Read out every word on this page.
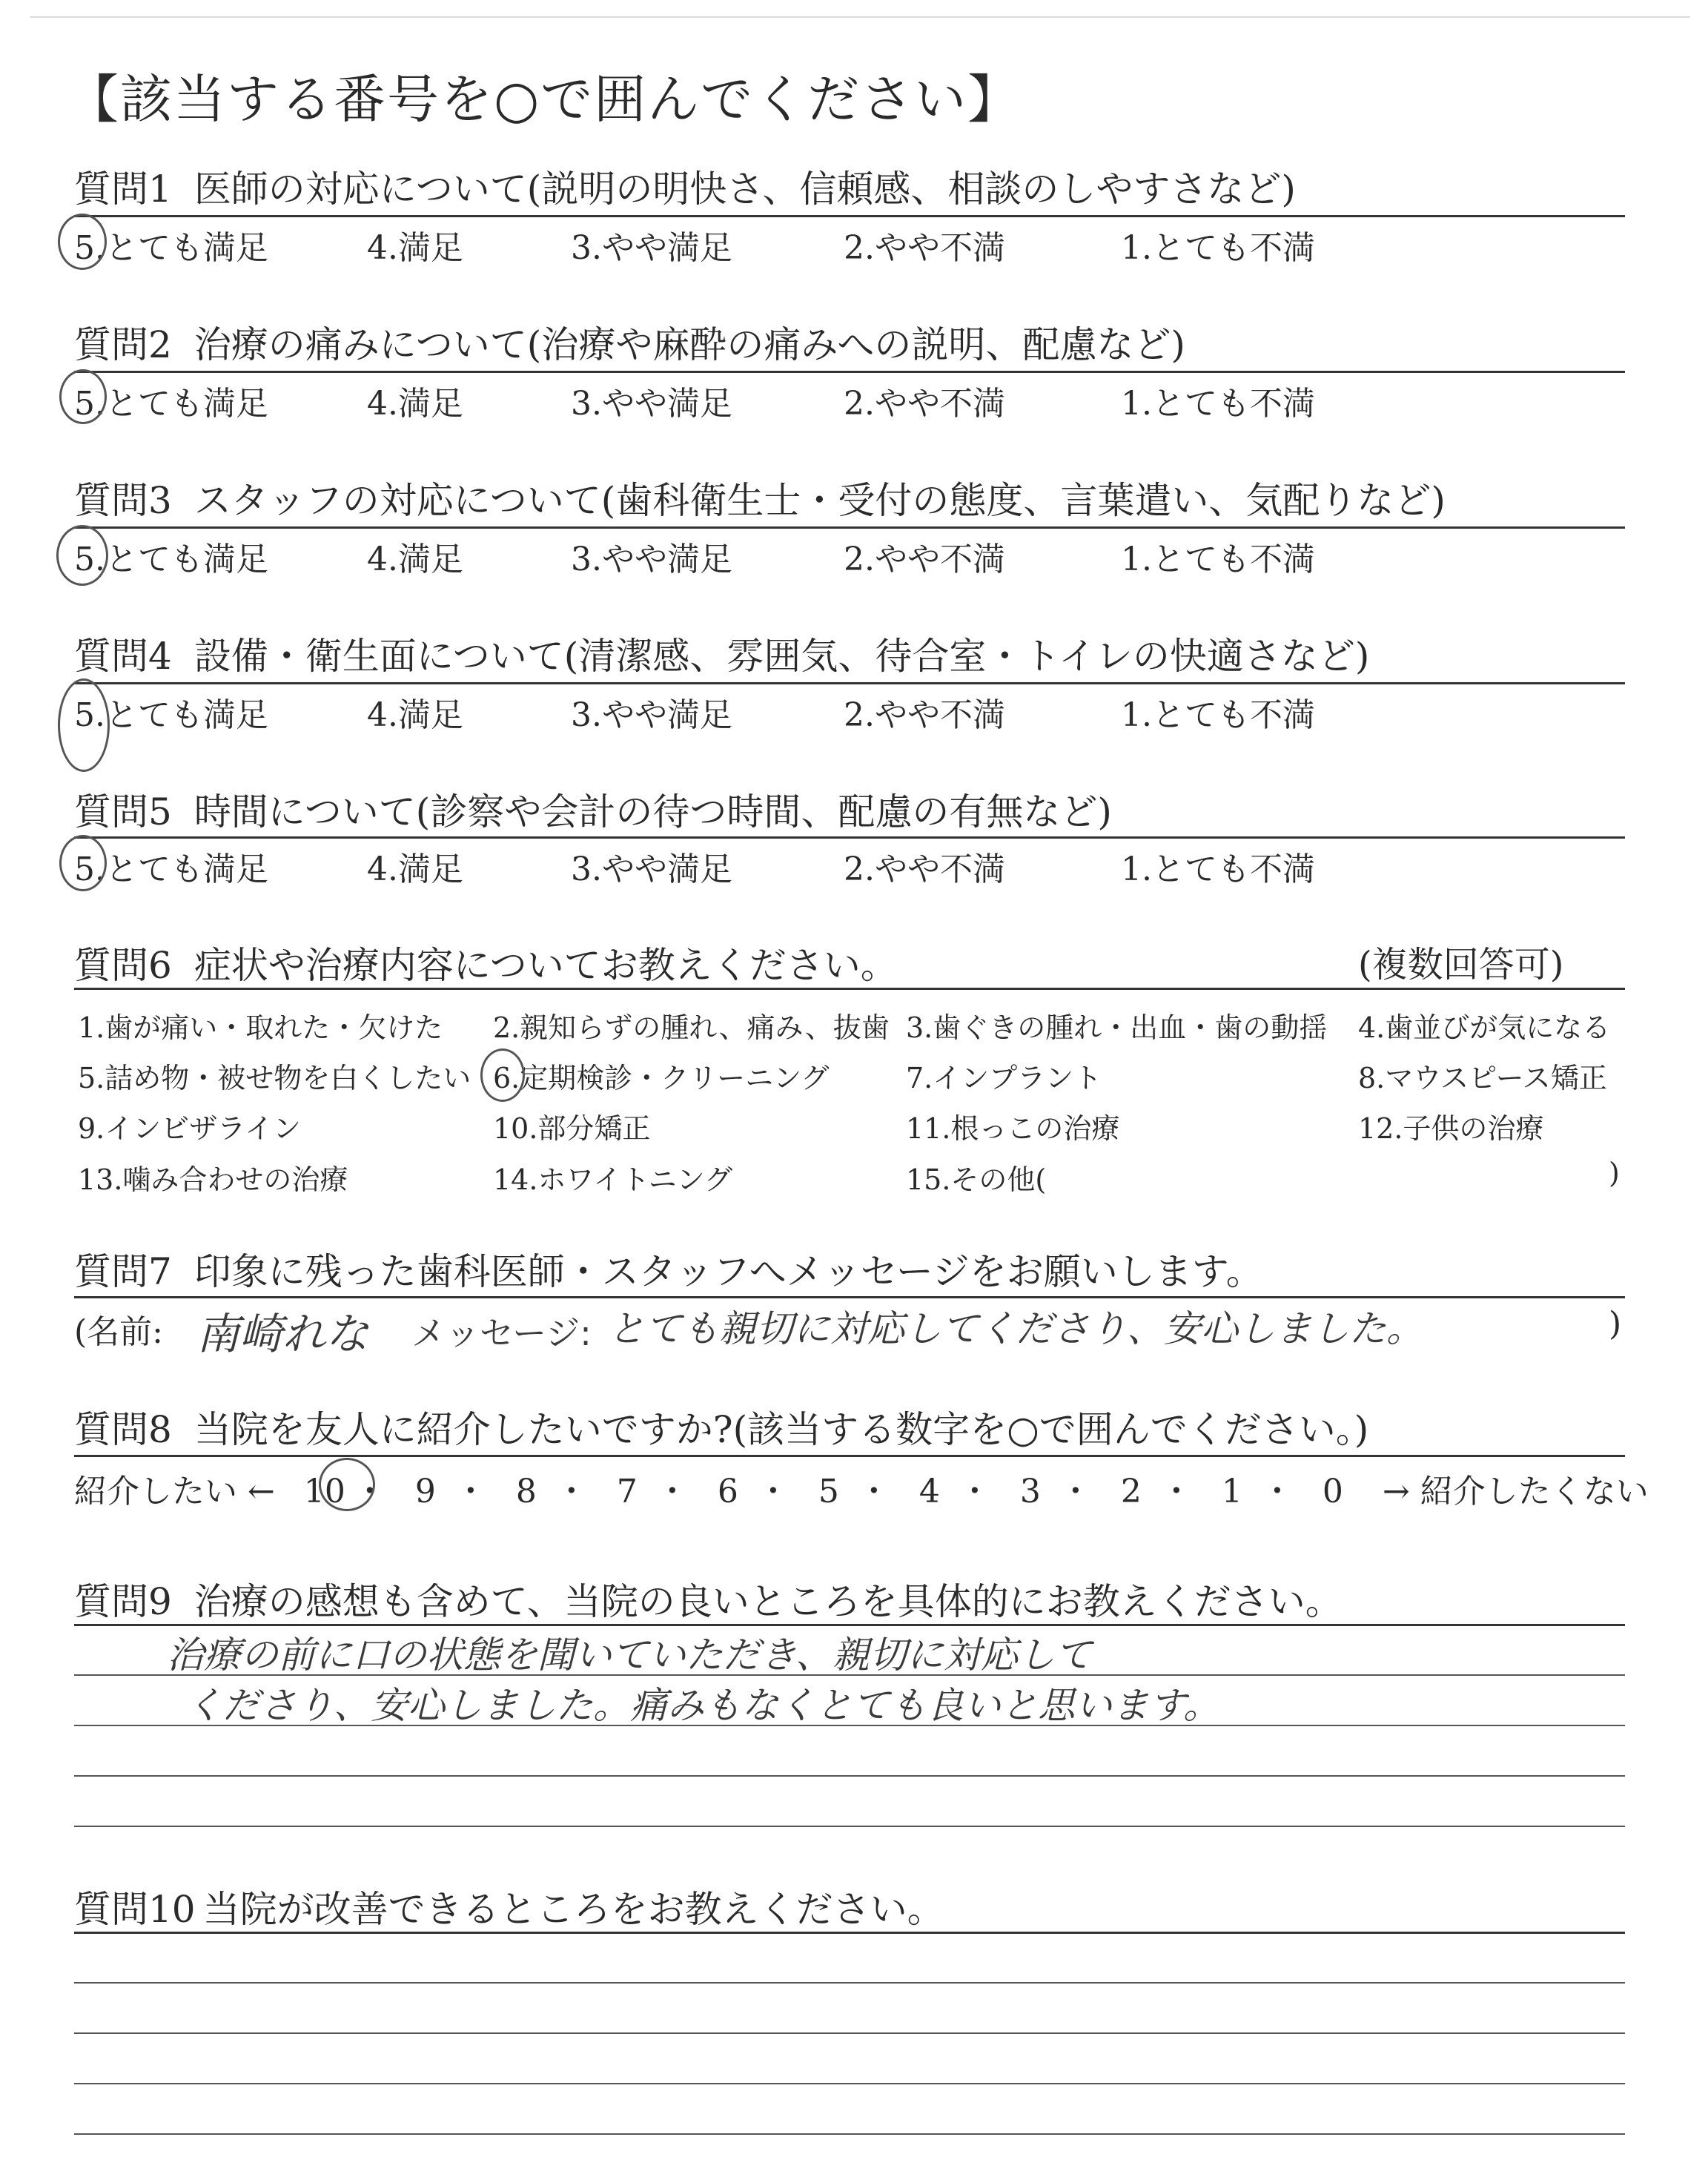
【該当する番号を○で囲んでください】
質問1 医師の対応について(説明の明快さ、信頼感、相談のしやすさなど)
5.とても満足	4.満足	3.やや満足	2.やや不満	1.とても不満
質問2 治療の痛みについて(治療や麻酔の痛みへの説明、配慮など)
5.とても満足	4.満足	3.やや満足	2.やや不満	1.とても不満
質問3 スタッフの対応について(歯科衛生士・受付の態度、言葉遣い、気配りなど)
5.とても満足	4.満足	3.やや満足	2.やや不満	1.とても不満
質問4 設備・衛生面について(清潔感、雰囲気、待合室・トイレの快適さなど)
5.とても満足	4.満足	3.やや満足	2.やや不満	1.とても不満
質問5 時間について(診察や会計の待つ時間、配慮の有無など)
5.とても満足	4.満足	3.やや満足	2.やや不満	1.とても不満
質問6 症状や治療内容についてお教えください。	(複数回答可)
1.歯が痛い・取れた・欠けた 2.親知らずの腫れ、痛み、抜歯 3.歯ぐきの腫れ・出血・歯の動揺 4.歯並びが気になる
5.詰め物・被せ物を白くしたい 6.定期検診・クリーニング	7.インプラント	8.マウスピース矯正
9.インビザライン	10.部分矯正	11.根っこの治療	12.子供の治療
13.噛み合わせの治療	14.ホワイトニング	15.その他(	)
質問7 印象に残った歯科医師・スタッフへメッセージをお願いします。
(名前: 南崎れな メッセージ: とても親切に対応してくださり、安心しました。	)
質問8 当院を友人に紹介したいですか?(該当する数字を○で囲んでください。)
紹介したい ← 10 ・ 9 ・ 8 ・ 7 ・ 6 ・ 5 ・ 4 ・ 3 ・ 2 ・ 1 ・ 0 → 紹介したくない
質問9 治療の感想も含めて、当院の良いところを具体的にお教えください。
治療の前に口の状態を聞いていただき、親切に対応して
くださり、安心しました。痛みもなくとても良いと思います。
質問10 当院が改善できるところをお教えください。
